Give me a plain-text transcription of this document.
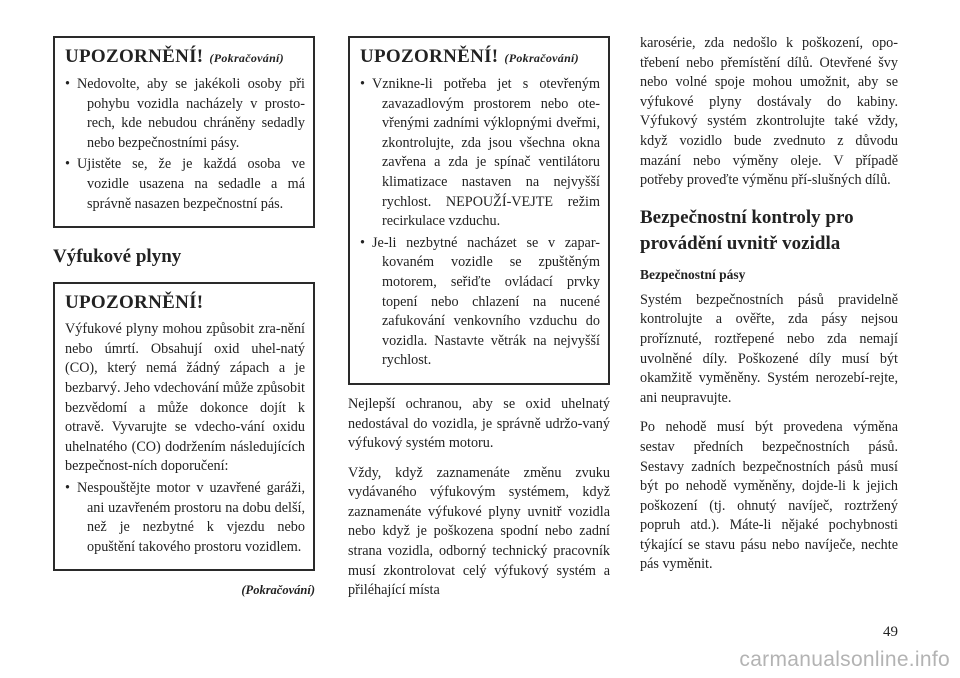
UPOZORNĚNÍ! (Pokračování)
• Nedovolte, aby se jakékoli osoby při pohybu vozidla nacházely v prosto-rech, kde nebudou chráněny sedadly nebo bezpečnostními pásy.
• Ujistěte se, že je každá osoba ve vozidle usazena na sedadle a má správně nasazen bezpečnostní pás.
Výfukové plyny
UPOZORNĚNÍ!

Výfukové plyny mohou způsobit zra-nění nebo úmrtí. Obsahují oxid uhel-natý (CO), který nemá žádný zápach a je bezbarvý. Jeho vdechování může způsobit bezvědomí a může dokonce dojít k otravě. Vyvarujte se vdecho-vání oxidu uhelnatého (CO) dodržením následujících bezpečnost-ních doporučení:

• Nespouštějte motor v uzavřené garáži, ani uzavřeném prostoru na dobu delší, než je nezbytné k vjezdu nebo opuštění takového prostoru vozidlem.
(Pokračování)
UPOZORNĚNÍ! (Pokračování)
• Vznikne-li potřeba jet s otevřeným zavazadlovým prostorem nebo ote-vřenými zadními výklopnými dveřmi, zkontrolujte, zda jsou všechna okna zavřena a zda je spínač ventilátoru klimatizace nastaven na nejvyšší rychlost. NEPOUŽÍ-VEJTE režim recirkulace vzduchu.
• Je-li nezbytné nacházet se v zapar-kovaném vozidle se zpuštěným motorem, seřiďte ovládací prvky topení nebo chlazení na nucené zafukování venkovního vzduchu do vozidla. Nastavte větrák na nejvyšší rychlost.

Nejlepší ochranou, aby se oxid uhelnatý nedostával do vozidla, je správně udržo-vaný výfukový systém motoru.

Vždy, když zaznamenáte změnu zvuku vydávaného výfukovým systémem, když zaznamenáte výfukové plyny uvnitř vozidla nebo když je poškozena spodní nebo zadní strana vozidla, odborný technický pracovník musí zkontrolovat celý výfukový systém a přiléhající místa

karosérie, zda nedošlo k poškození, opo-třebení nebo přemístění dílů. Otevřené švy nebo volné spoje mohou umožnit, aby se výfukové plyny dostávaly do kabiny. Výfukový systém zkontrolujte také vždy, když vozidlo bude zvednuto z důvodu mazání nebo výměny oleje. V případě potřeby proveďte výměnu pří-slušných dílů.

Bezpečnostní kontroly pro provádění uvnitř vozidla
Bezpečnostní pásy

Systém bezpečnostních pásů pravidelně kontrolujte a ověřte, zda pásy nejsou proříznuté, roztřepené nebo zda nemají uvolněné díly. Poškozené díly musí být okamžitě vyměněny. Systém nerozebí-rejte, ani neupravujte.

Po nehodě musí být provedena výměna sestav předních bezpečnostních pásů. Sestavy zadních bezpečnostních pásů musí být po nehodě vyměněny, dojde-li k jejich poškození (tj. ohnutý navíječ, roztržený popruh atd.). Máte-li nějaké pochybnosti týkající se stavu pásu nebo navíječe, nechte pás vyměnit.

49
carmanualsonline.info
